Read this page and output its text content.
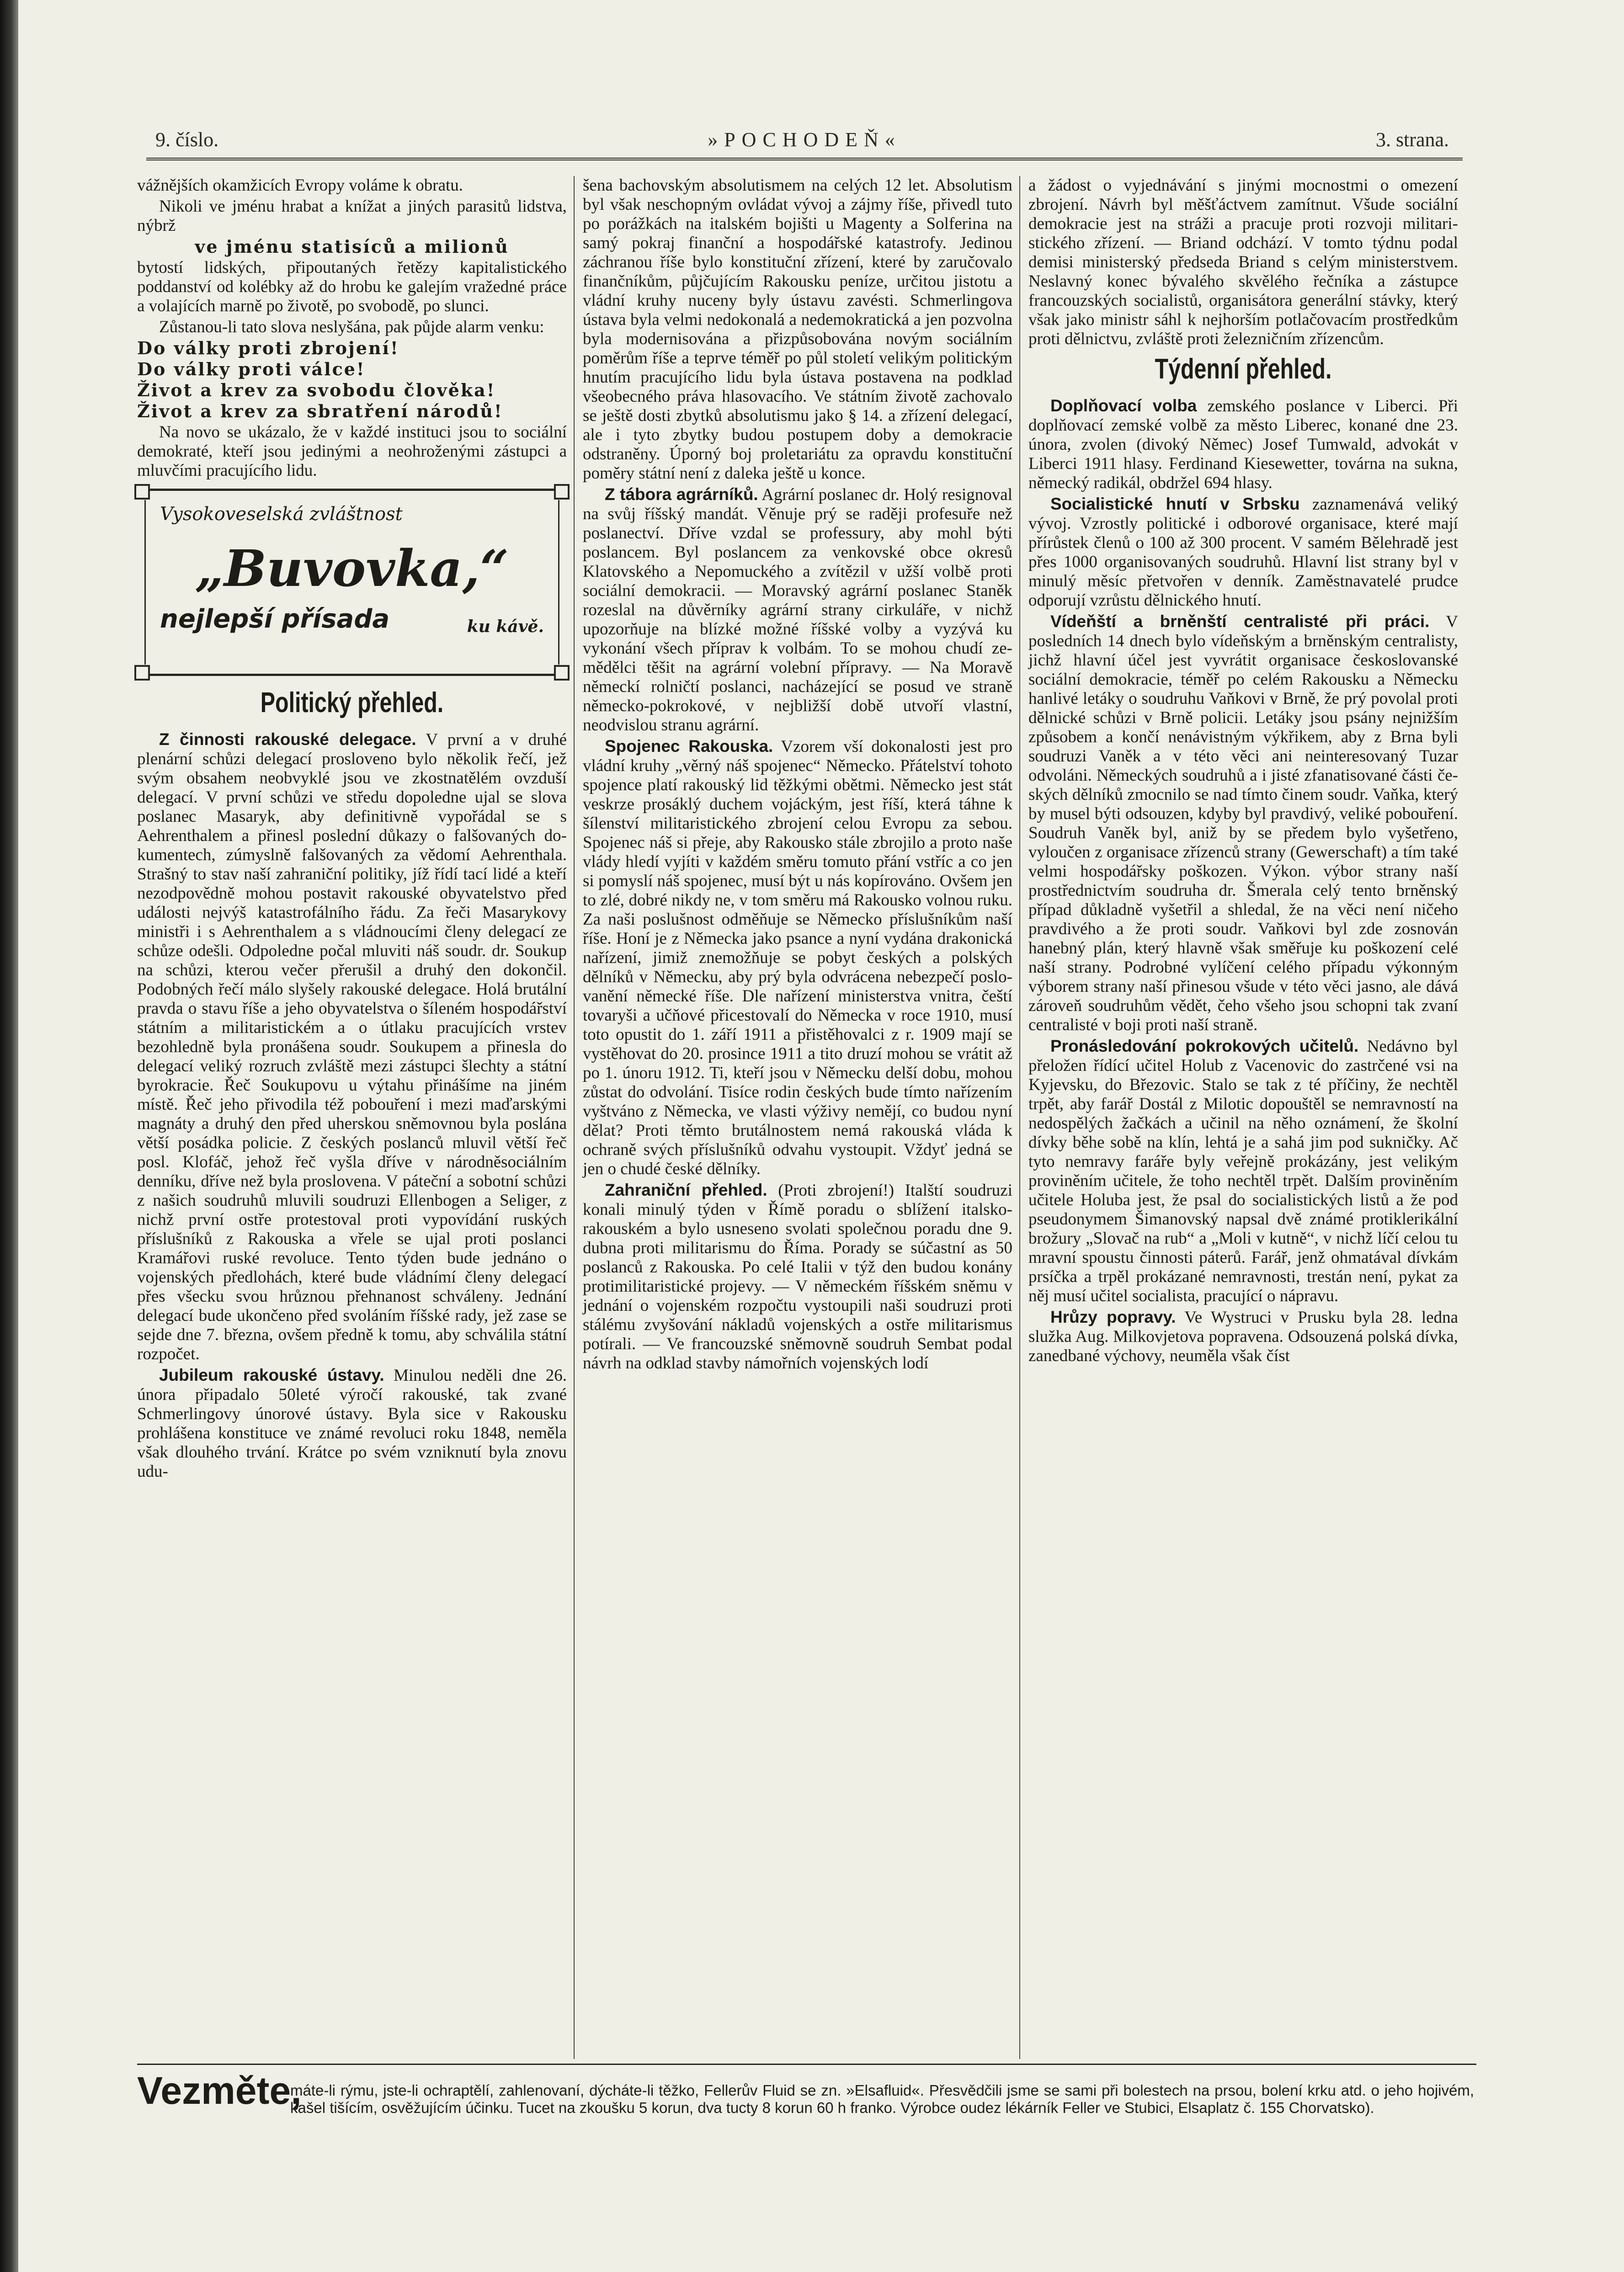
9. číslo.	»POCHODEŇ«	3. strana.

vážnějších okamžicích Evropy voláme k obratu.

Nikoli ve jménu hrabat a knížat a jiných parasitů lidstva, nýbrž

ve jménu statisíců a milionů

bytostí lidských, připoutaných řetězy kapitalistického poddanství od kolébky až do hrobu ke galejím vražedné práce a volajících marně po životě, po svobodě, po slunci.

Zůstanou-li tato slova neslyšána, pak půjde alarm venku:

Do války proti zbrojení!

Do války proti válce!

Život a krev za svobodu člověka!

Život a krev za sbratření národů!

Na novo se ukázalo, že v každé instituci jsou to sociální demokraté, kteří jsou jedinými a neohroženými zástupci a mluvčími pracujícího lidu.

Vysokoveselská zvláštnost
„Buvovka,“
nejlepší přísada	ku kávě.
Politický přehled.

Z činnosti rakouské delegace. V první a v druhé plenární schůzi delegací prosloveno bylo několik řečí, jež svým obsahem neobvyklé jsou ve zkostnatělém ovzduší delegací. V první schůzi ve středu dopoledne ujal se slova poslanec Masaryk, aby definitivně vypořádal se s Aehrenthalem a přinesl poslední důkazy o falšovaných dokumentech, zúmyslně falšovaných za vědomí Aehrenthala. Strašný to stav naší zahraniční politiky, jíž řídí tací lidé a kteří nezodpovědně mohou postavit rakouské obyvatelstvo před události nejvýš katastrofálního řádu. Za řeči Masarykovy ministři i s Aehrenthalem a s vládnoucími členy delegací ze schůze odešli. Odpoledne počal mluviti náš soudr. dr. Soukup na schůzi, kterou večer přerušil a druhý den dokončil. Podobných řečí málo slyšely rakouské delegace. Holá brutální pravda o stavu říše a jeho obyvatelstva o šíleném hospodářství státním a militaristickém a o útlaku pracujících vrstev bezohledně byla pronášena soudr. Soukupem a přinesla do delegací veliký rozruch zvláště mezi zástupci šlechty a státní byrokracie. Řeč Soukupovu u výtahu přinášíme na jiném místě. Řeč jeho přivodila též pobouření i mezi maďarskými magnáty a druhý den před uherskou sněmovnou byla poslána větší posádka policie. Z českých poslanců mluvil větší řeč posl. Klofáč, jehož řeč vyšla dříve v národněsociálním denníku, dříve než byla proslovena. V páteční a sobotní schůzi z našich soudruhů mluvili soudruzi Ellenbogen a Seliger, z nichž první ostře protestoval proti vypovídání ruských příslušníků z Rakouska a vřele se ujal proti poslanci Kramářovi ruské revoluce. Tento týden bude jednáno o vojenských předlohách, které bude vládnímí členy delegací přes všecku svou hrůznou přehnanost schváleny. Jednání delegací bude ukončeno před svoláním říšské rady, jež zase se sejde dne 7. března, ovšem předně k tomu, aby schválila státní rozpočet.

Jubileum rakouské ústavy. Minulou neděli dne 26. února připadalo 50leté výročí rakouské, tak zvané Schmerlingovy únorové ústavy. Byla sice v Rakousku prohlášena konstituce ve známé revoluci roku 1848, neměla však dlouhého trvání. Krátce po svém vzniknutí byla znovu udu-

šena bachovským absolutismem na celých 12 let. Absolutism byl však neschopným ovládat vývoj a zájmy říše, přivedl tuto po porážkách na italském bojišti u Magenty a Solferina na samý pokraj finanční a hospodářské katastrofy. Jedinou záchranou říše bylo konstituční zřízení, které by zaručovalo finančníkům, půjčujícím Rakousku peníze, určitou jistotu a vládní kruhy nuceny byly ústavu zavésti. Schmerlingova ústava byla velmi nedokonalá a nedemokratická a jen pozvolna byla modernisována a přizpůsobována novým sociálním poměrům říše a teprve téměř po půl století velikým politickým hnutím pracujícího lidu byla ústava postavena na podklad všeobecného práva hlasovacího. Ve státním životě zachovalo se ještě dosti zbytků absolutismu jako § 14. a zřízení delegací, ale i tyto zbytky budou postupem doby a demokracie odstraněny. Úporný boj proletariátu za opravdu konstituční poměry státní není z daleka ještě u konce.

Z tábora agrárníků. Agrární poslanec dr. Holý resignoval na svůj říšský mandát. Věnuje prý se raději profesuře než poslanectví. Dříve vzdal se professury, aby mohl býti poslancem. Byl poslancem za venkovské obce okresů Klatovského a Nepomuckého a zvítězil v užší volbě proti sociální demokracii. — Moravský agrární poslanec Staněk rozeslal na důvěrníky agrární strany cirkuláře, v nichž upozorňuje na blízké možné říšské volby a vyzývá ku vykonání všech příprav k volbám. To se mohou chudí zemědělci těšit na agrární volební přípravy. — Na Moravě německí rolničtí poslanci, nacházející se posud ve straně německo-pokrokové, v nejbližší době utvoří vlastní, neodvislou stranu agrární.

Spojenec Rakouska. Vzorem vší dokonalosti jest pro vládní kruhy „věrný náš spojenec“ Německo. Přátelství tohoto spojence platí rakouský lid těžkými obětmi. Německo jest stát veskrze prosáklý duchem vojáckým, jest říší, která táhne k šílenství militaristického zbrojení celou Evropu za sebou. Spojenec náš si přeje, aby Rakousko stále zbrojilo a proto naše vlády hledí vyjíti v každém směru tomuto přání vstříc a co jen si pomyslí náš spojenec, musí být u nás kopírováno. Ovšem jen to zlé, dobré nikdy ne, v tom směru má Rakousko volnou ruku. Za naši poslušnost odměňuje se Německo příslušníkům naší říše. Honí je z Německa jako psance a nyní vydána drakonická nařízení, jimiž znemožňuje se pobyt českých a polských dělníků v Německu, aby prý byla odvrácena nebezpečí poslovanění německé říše. Dle nařízení ministerstva vnitra, čeští tovaryši a učňové přicestovalí do Německa v roce 1910, musí toto opustit do 1. září 1911 a přistěhovalci z r. 1909 mají se vystěhovat do 20. prosince 1911 a tito druzí mohou se vrátit až po 1. únoru 1912. Ti, kteří jsou v Německu delší dobu, mohou zůstat do odvolání. Tisíce rodin českých bude tímto nařízením vyštváno z Německa, ve vlasti výživy nemějí, co budou nyní dělat? Proti těmto brutálnostem nemá rakouská vláda k ochraně svých příslušníků odvahu vystoupit. Vždyť jedná se jen o chudé české dělníky.

Zahraniční přehled. (Proti zbrojení!) Italští soudruzi konali minulý týden v Římě poradu o sblížení italsko-rakouském a bylo usneseno svolati společnou poradu dne 9. dubna proti militarismu do Říma. Porady se súčastní as 50 poslanců z Rakouska. Po celé Italii v týž den budou konány protimilitaristické projevy. — V německém říšském sněmu v jednání o vojenském rozpočtu vystoupili naši soudruzi proti stálému zvyšování nákladů vojenských a ostře militarismus potírali. — Ve francouzské sněmovně soudruh Sembat podal návrh na odklad stavby námořních vojenských lodí

a žádost o vyjednávání s jinými mocnostmi o omezení zbrojení. Návrh byl měšťáctvem zamítnut. Všude sociální demokracie jest na stráži a pracuje proti rozvoji militaristického zřízení. — Briand odchází. V tomto týdnu podal demisi ministerský předseda Briand s celým ministerstvem. Neslavný konec bývalého skvělého řečníka a zástupce francouzských socialistů, organisátora generální stávky, který však jako ministr sáhl k nejhorším potlačovacím prostředkům proti dělnictvu, zvláště proti železničním zřízencům.

Týdenní přehled.

Doplňovací volba zemského poslance v Liberci. Při doplňovací zemské volbě za město Liberec, konané dne 23. února, zvolen (divoký Němec) Josef Tumwald, advokát v Liberci 1911 hlasy. Ferdinand Kiesewetter, továrna na sukna, německý radikál, obdržel 694 hlasy.

Socialistické hnutí v Srbsku zaznamenává veliký vývoj. Vzrostly politické i odborové organisace, které mají přírůstek členů o 100 až 300 procent. V samém Bělehradě jest přes 1000 organisovaných soudruhů. Hlavní list strany byl v minulý měsíc přetvořen v denník. Zaměstnavatelé prudce odporují vzrůstu dělnického hnutí.

Vídeňští a brněnští centralisté při práci. V posledních 14 dnech bylo vídeňským a brněnským centralisty, jichž hlavní účel jest vyvrátit organisace českoslovanské sociální demokracie, téměř po celém Rakousku a Německu hanlivé letáky o soudruhu Vaňkovi v Brně, že prý povolal proti dělnické schůzi v Brně policii. Letáky jsou psány nejnižším způsobem a končí nenávistným výkřikem, aby z Brna byli soudruzi Vaněk a v této věci ani neinteresovaný Tuzar odvoláni. Německých soudruhů a i jisté zfanatisované části českých dělníků zmocnilo se nad tímto činem soudr. Vaňka, který by musel býti odsouzen, kdyby byl pravdivý, veliké pobouření. Soudruh Vaněk byl, aniž by se předem bylo vyšetřeno, vyloučen z organisace zřízenců strany (Gewerschaft) a tím také velmi hospodářsky poškozen. Výkon. výbor strany naší prostřednictvím soudruha dr. Šmerala celý tento brněnský případ důkladně vyšetřil a shledal, že na věci není ničeho pravdivého a že proti soudr. Vaňkovi byl zde zosnován hanebný plán, který hlavně však směřuje ku poškození celé naší strany. Podrobné vylíčení celého případu výkonným výborem strany naší přinesou všude v této věci jasno, ale dává zároveň soudruhům vědět, čeho všeho jsou schopni tak zvaní centralisté v boji proti naší straně.

Pronásledování pokrokových učitelů. Nedávno byl přeložen řídící učitel Holub z Vacenovic do zastrčené vsi na Kyjevsku, do Březovic. Stalo se tak z té příčiny, že nechtěl trpět, aby farář Dostál z Milotic dopouštěl se nemravností na nedospělých žačkách a učinil na něho oznámení, že školní dívky běhe sobě na klín, lehtá je a sahá jim pod sukničky. Ač tyto nemravy faráře byly veřejně prokázány, jest velikým proviněním učitele, že toho nechtěl trpět. Dalším proviněním učitele Holuba jest, že psal do socialistických listů a že pod pseudonymem Šimanovský napsal dvě známé protiklerikální brožury „Slovač na rub“ a „Moli v kutně“, v nichž líčí celou tu mravní spoustu činnosti páterů. Farář, jenž ohmatával dívkám prsíčka a trpěl prokázané nemravnosti, trestán není, pykat za něj musí učitel socialista, pracující o nápravu.

Hrůzy popravy. Ve Wystruci v Prusku byla 28. ledna služka Aug. Milkovjetova popravena. Odsouzená polská dívka, zanedbané výchovy, neuměla však číst

Vezměte,
máte-li rýmu, jste-li ochraptělí, zahlenovaní, dýcháte-li těžko, Fellerův Fluid se zn. »Elsafluid«. Přesvědčili jsme se sami při bolestech na prsou, bolení krku atd. o jeho hojivém, kašel tišícím, osvěžujícím účinku. Tucet na zkoušku 5 korun, dva tucty 8 korun 60 h franko. Výrobce oudez lékárník Feller ve Stubici, Elsaplatz č. 155 Chorvatsko).
